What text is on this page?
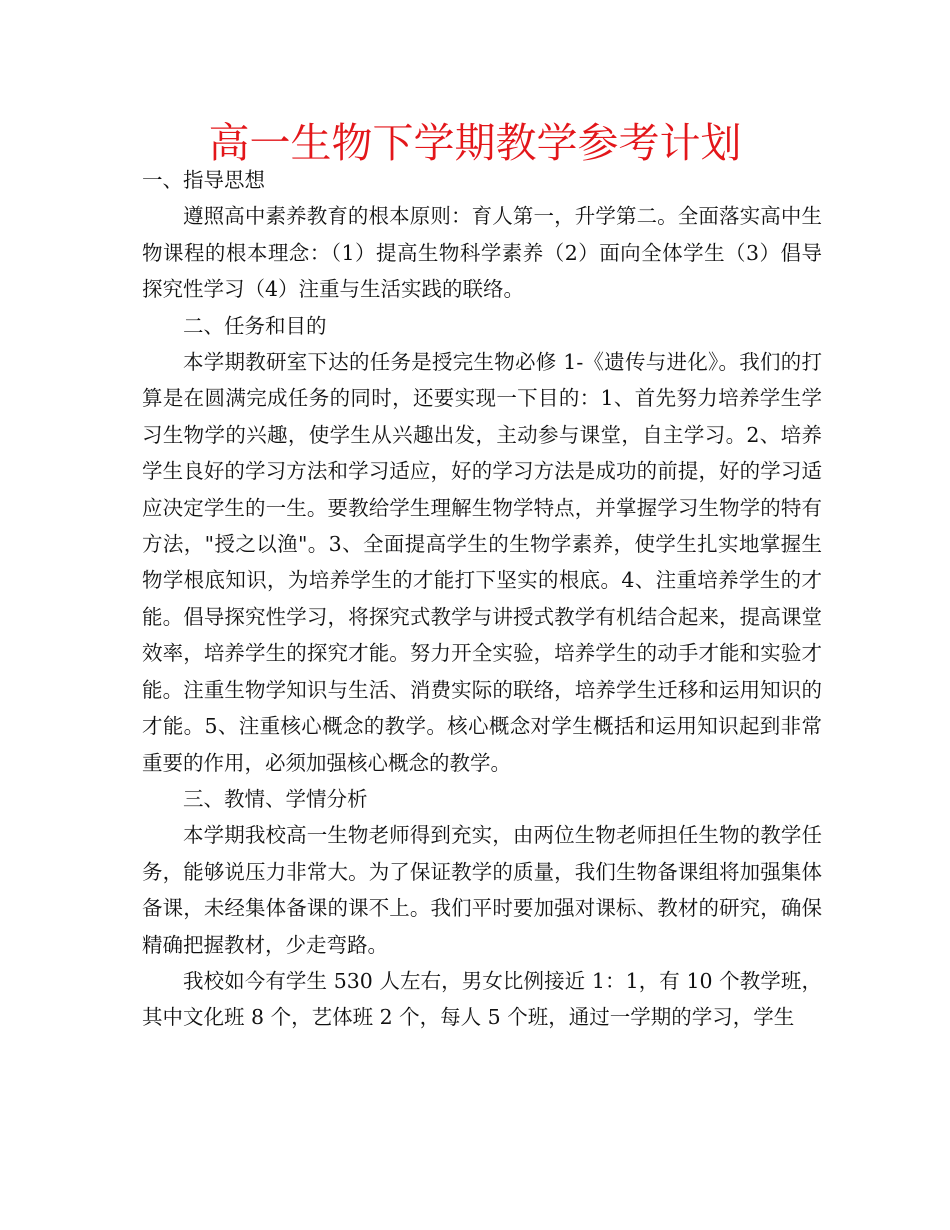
高一生物下学期教学参考计划

一、指导思想

遵照高中素养教育的根本原则：育人第一，升学第二。全面落实高中生物课程的根本理念：（1）提高生物科学素养（2）面向全体学生（3）倡导探究性学习（4）注重与生活实践的联络。

二、任务和目的

本学期教研室下达的任务是授完生物必修 1-《遗传与进化》。我们的打算是在圆满完成任务的同时，还要实现一下目的：1、首先努力培养学生学习生物学的兴趣，使学生从兴趣出发，主动参与课堂，自主学习。2、培养学生良好的学习方法和学习适应，好的学习方法是成功的前提，好的学习适应决定学生的一生。要教给学生理解生物学特点，并掌握学习生物学的特有方法，"授之以渔"。3、全面提高学生的生物学素养，使学生扎实地掌握生物学根底知识，为培养学生的才能打下坚实的根底。4、注重培养学生的才能。倡导探究性学习，将探究式教学与讲授式教学有机结合起来，提高课堂效率，培养学生的探究才能。努力开全实验，培养学生的动手才能和实验才能。注重生物学知识与生活、消费实际的联络，培养学生迁移和运用知识的才能。5、注重核心概念的教学。核心概念对学生概括和运用知识起到非常重要的作用，必须加强核心概念的教学。

三、教情、学情分析

本学期我校高一生物老师得到充实，由两位生物老师担任生物的教学任务，能够说压力非常大。为了保证教学的质量，我们生物备课组将加强集体备课，未经集体备课的课不上。我们平时要加强对课标、教材的研究，确保精确把握教材，少走弯路。

我校如今有学生 530 人左右，男女比例接近 1：1，有 10 个教学班，其中文化班 8 个，艺体班 2 个，每人 5 个班，通过一学期的学习，学生
